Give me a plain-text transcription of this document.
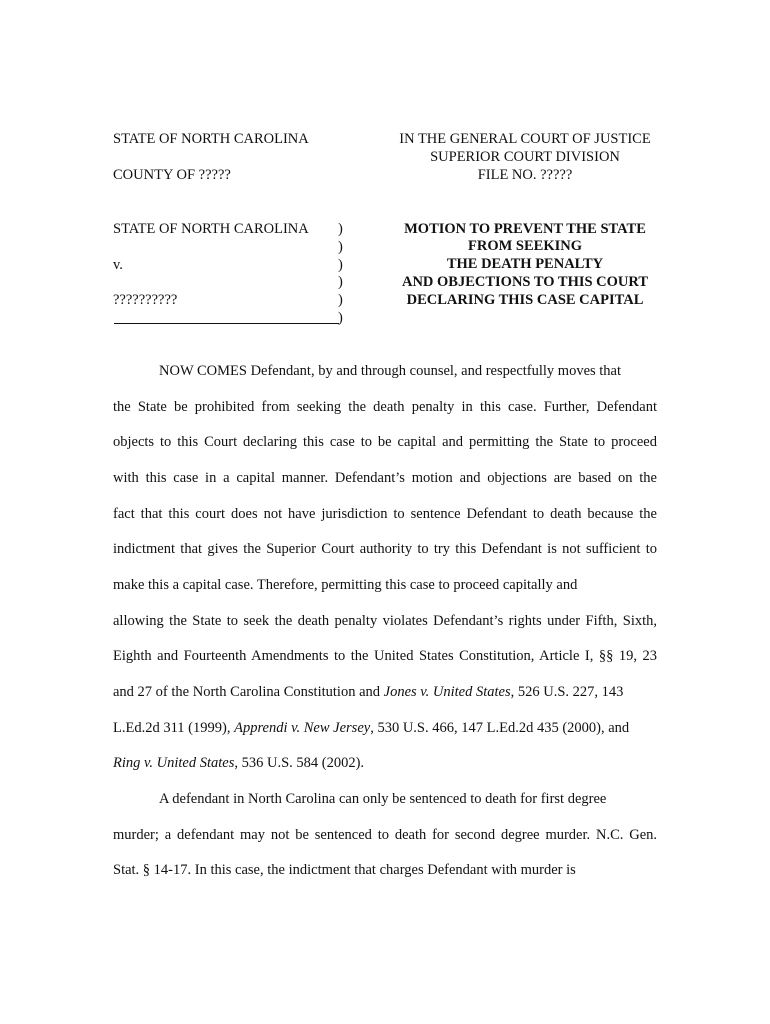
STATE OF NORTH CAROLINA
COUNTY OF ?????
IN THE GENERAL COURT OF JUSTICE
SUPERIOR COURT DIVISION
FILE NO. ?????
STATE OF NORTH CAROLINA
v.
??????????
)
)
)
)
)
)
MOTION TO PREVENT THE STATE
FROM SEEKING
THE DEATH PENALTY
AND OBJECTIONS TO THIS COURT
DECLARING THIS CASE CAPITAL
NOW COMES Defendant, by and through counsel, and respectfully moves that
the State be prohibited from seeking the death penalty in this case. Further, Defendant
objects to this Court declaring this case to be capital and permitting the State to proceed
with this case in a capital manner. Defendant’s motion and objections are based on the
fact that this court does not have jurisdiction to sentence Defendant to death because the
indictment that gives the Superior Court authority to try this Defendant is not sufficient to
make this a capital case. Therefore, permitting this case to proceed capitally and
allowing the State to seek the death penalty violates Defendant’s rights under Fifth, Sixth,
Eighth and Fourteenth Amendments to the United States Constitution, Article I, §§ 19, 23
and 27 of the North Carolina Constitution and Jones v. United States, 526 U.S. 227, 143
L.Ed.2d 311 (1999), Apprendi v. New Jersey, 530 U.S. 466, 147 L.Ed.2d 435 (2000), and
Ring v. United States, 536 U.S. 584 (2002).
A defendant in North Carolina can only be sentenced to death for first degree
murder; a defendant may not be sentenced to death for second degree murder. N.C. Gen.
Stat. § 14-17. In this case, the indictment that charges Defendant with murder is
